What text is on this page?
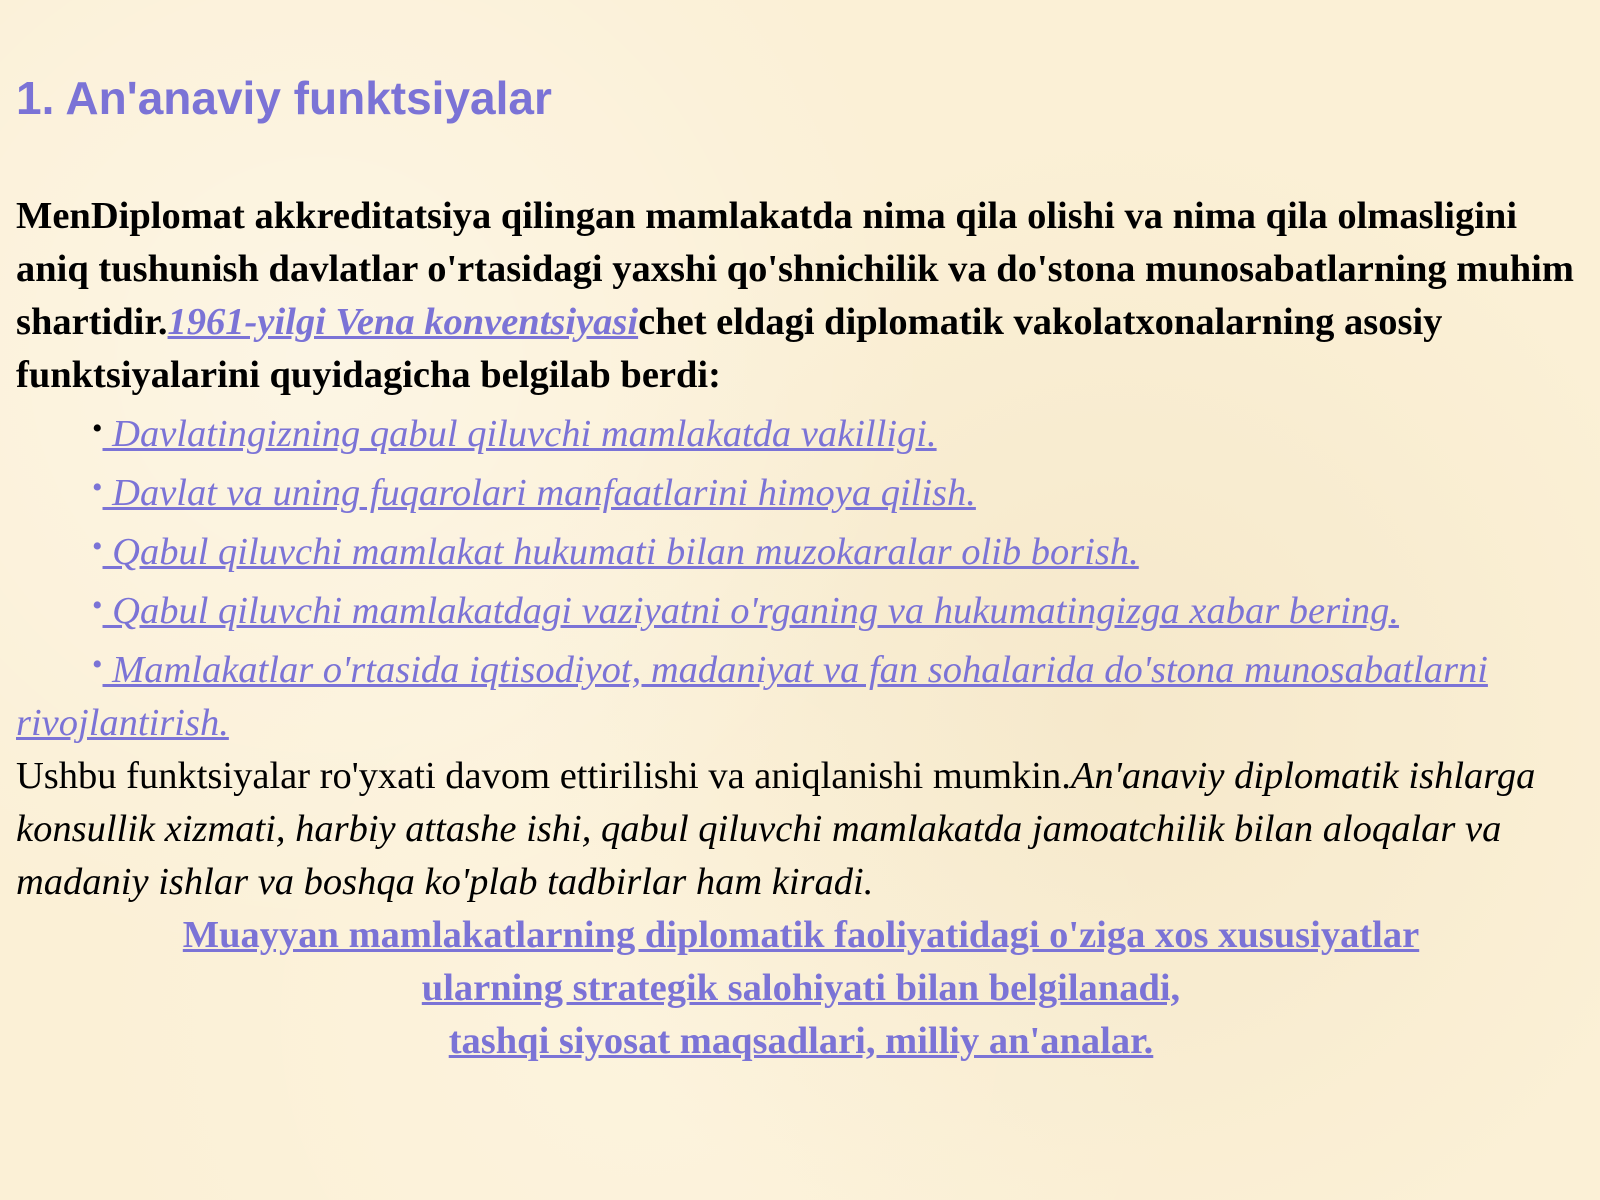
1. An'anaviy funktsiyalar

MenDiplomat akkreditatsiya qilingan mamlakatda nima qila olishi va nima qila olmasligini aniq tushunish davlatlar o'rtasidagi yaxshi qo'shnichilik va do'stona munosabatlarning muhim shartidir.1961-yilgi Vena konventsiyasichet eldagi diplomatik vakolatxonalarning asosiy funktsiyalarini quyidagicha belgilab berdi:

• Davlatingizning qabul qiluvchi mamlakatda vakilligi.

• Davlat va uning fuqarolari manfaatlarini himoya qilish.

• Qabul qiluvchi mamlakat hukumati bilan muzokaralar olib borish.

• Qabul qiluvchi mamlakatdagi vaziyatni o'rganing va hukumatingizga xabar bering.

• Mamlakatlar o'rtasida iqtisodiyot, madaniyat va fan sohalarida do'stona munosabatlarni rivojlantirish.

Ushbu funktsiyalar ro'yxati davom ettirilishi va aniqlanishi mumkin.An'anaviy diplomatik ishlarga konsullik xizmati, harbiy attashe ishi, qabul qiluvchi mamlakatda jamoatchilik bilan aloqalar va madaniy ishlar va boshqa ko'plab tadbirlar ham kiradi.

Muayyan mamlakatlarning diplomatik faoliyatidagi o'ziga xos xususiyatlar
ularning strategik salohiyati bilan belgilanadi,
tashqi siyosat maqsadlari, milliy an'analar.
